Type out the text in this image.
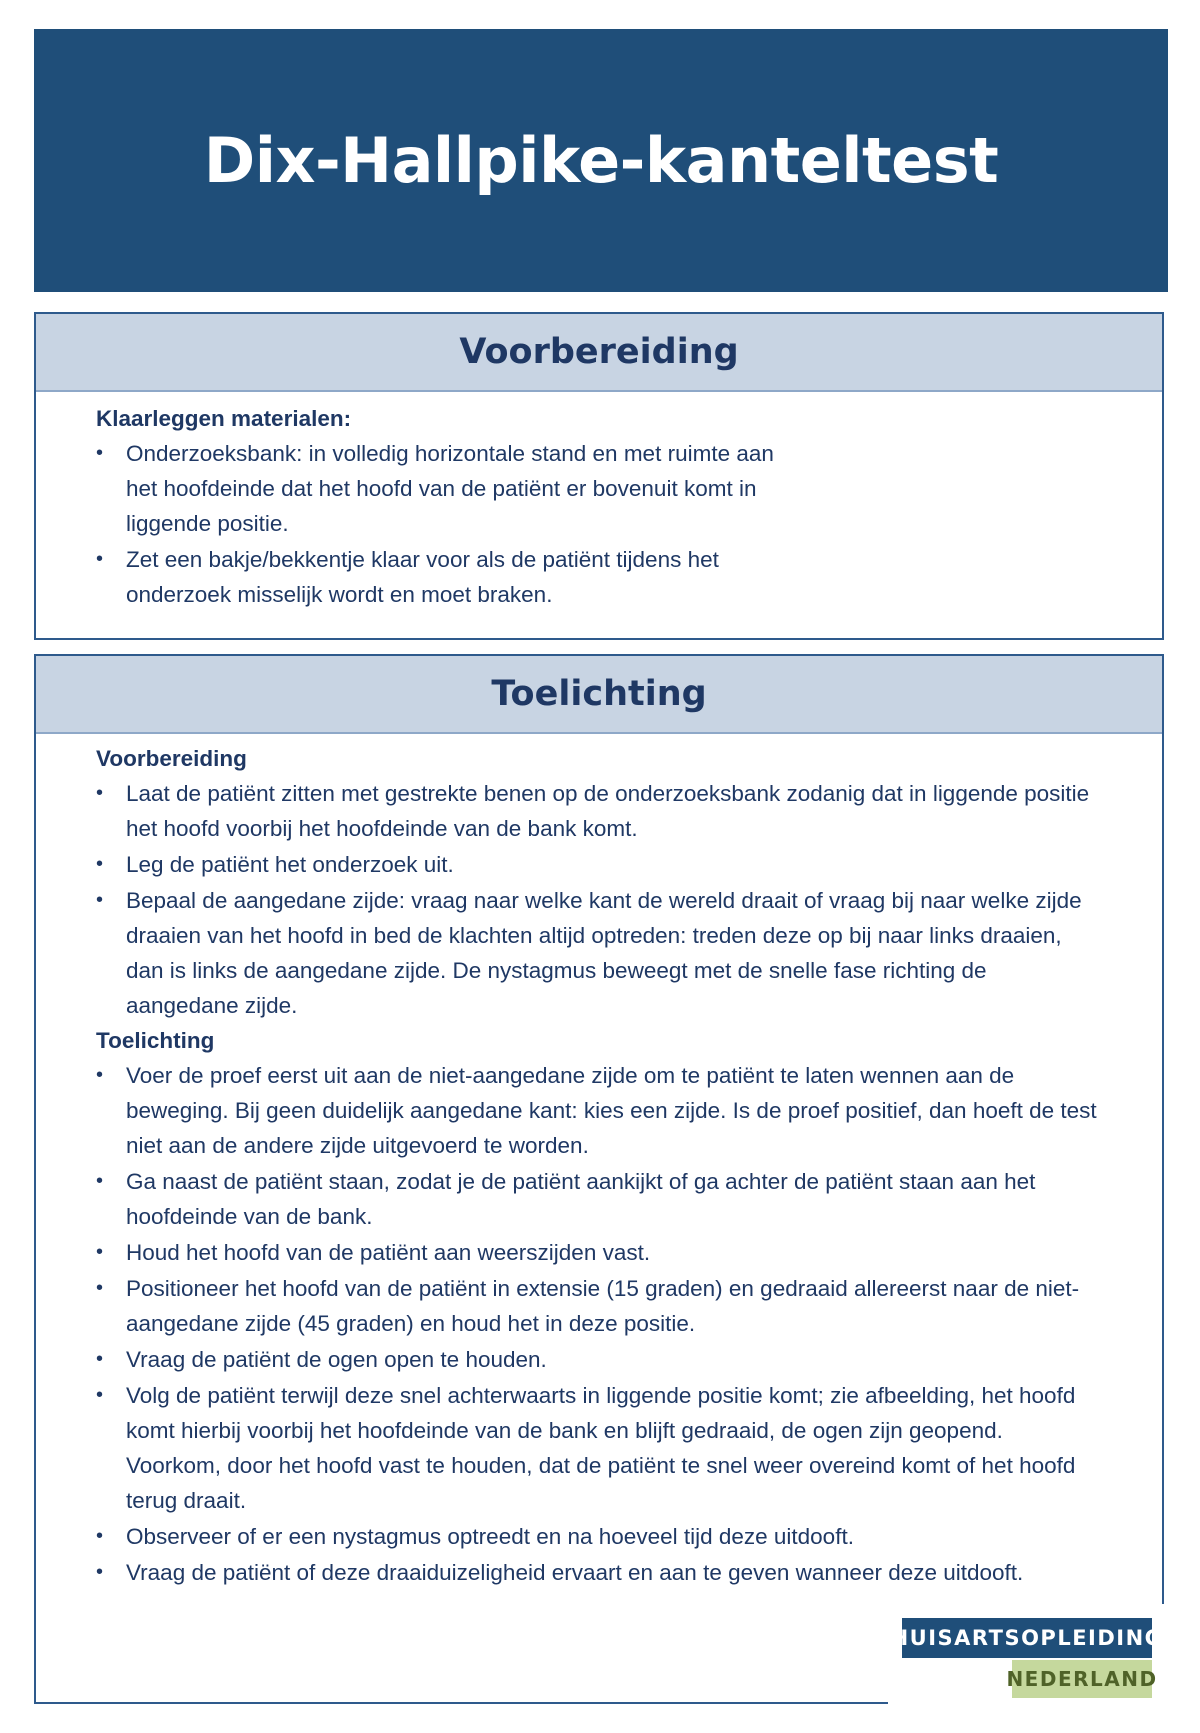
Dix-Hallpike-kanteltest
Voorbereiding
Klaarleggen materialen:
• Onderzoeksbank: in volledig horizontale stand en met ruimte aan het hoofdeinde dat het hoofd van de patiënt er bovenuit komt in liggende positie.
• Zet een bakje/bekkentje klaar voor als de patiënt tijdens het onderzoek misselijk wordt en moet braken.
Toelichting
Voorbereiding
• Laat de patiënt zitten met gestrekte benen op de onderzoeksbank zodanig dat in liggende positie het hoofd voorbij het hoofdeinde van de bank komt.
• Leg de patiënt het onderzoek uit.
• Bepaal de aangedane zijde: vraag naar welke kant de wereld draait of vraag bij naar welke zijde draaien van het hoofd in bed de klachten altijd optreden: treden deze op bij naar links draaien, dan is links de aangedane zijde. De nystagmus beweegt met de snelle fase richting de aangedane zijde.
Toelichting
• Voer de proef eerst uit aan de niet-aangedane zijde om te patiënt te laten wennen aan de beweging. Bij geen duidelijk aangedane kant: kies een zijde. Is de proef positief, dan hoeft de test niet aan de andere zijde uitgevoerd te worden.
• Ga naast de patiënt staan, zodat je de patiënt aankijkt of ga achter de patiënt staan aan het hoofdeinde van de bank.
• Houd het hoofd van de patiënt aan weerszijden vast.
• Positioneer het hoofd van de patiënt in extensie (15 graden) en gedraaid allereerst naar de niet-aangedane zijde (45 graden) en houd het in deze positie.
• Vraag de patiënt de ogen open te houden.
• Volg de patiënt terwijl deze snel achterwaarts in liggende positie komt; zie afbeelding, het hoofd komt hierbij voorbij het hoofdeinde van de bank en blijft gedraaid, de ogen zijn geopend. Voorkom, door het hoofd vast te houden, dat de patiënt te snel weer overeind komt of het hoofd terug draait.
• Observeer of er een nystagmus optreedt en na hoeveel tijd deze uitdooft.
• Vraag de patiënt of deze draaiduizeligheid ervaart en aan te geven wanneer deze uitdooft.
HUISARTSOPLEIDING
NEDERLAND
